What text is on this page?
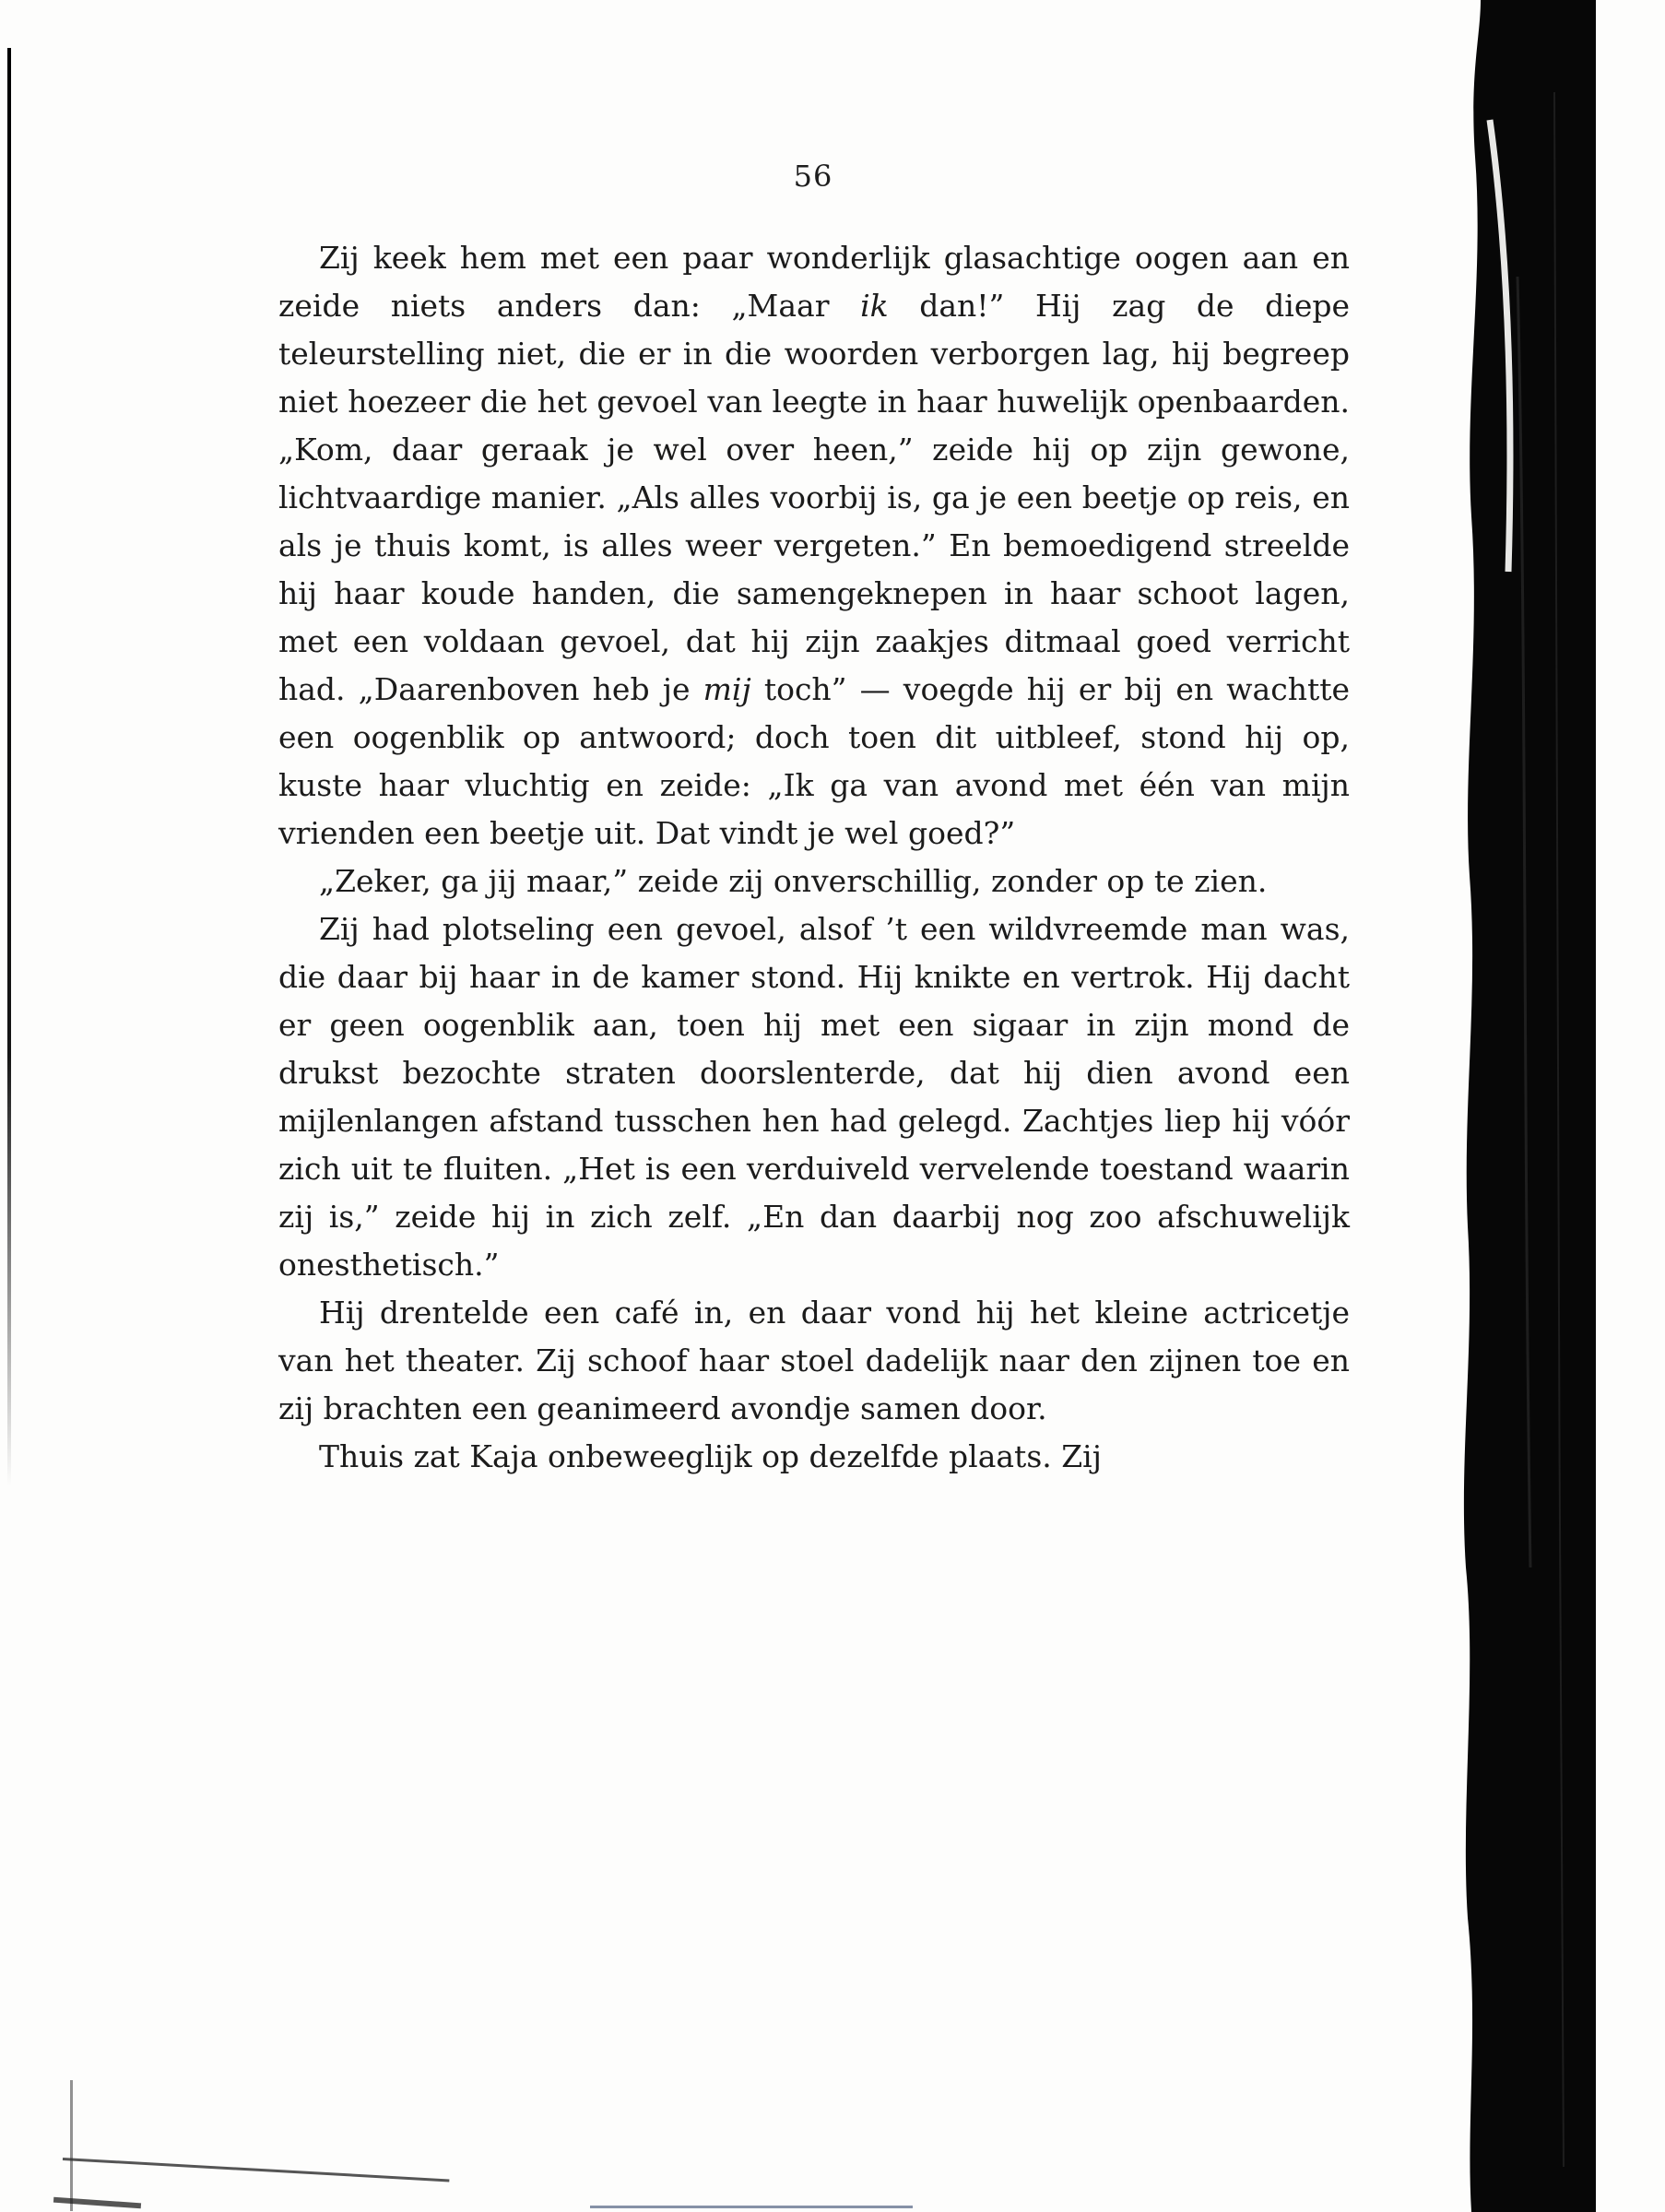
56

Zij keek hem met een paar wonderlijk glasachtige oogen aan en zeide niets anders dan: „Maar ik dan!” Hij zag de diepe teleurstelling niet, die er in die woorden verborgen lag, hij begreep niet hoezeer die het gevoel van leegte in haar huwelijk openbaarden. „Kom, daar geraak je wel over heen,” zeide hij op zijn gewone, lichtvaardige manier. „Als alles voorbij is, ga je een beetje op reis, en als je thuis komt, is alles weer vergeten.” En bemoedigend streelde hij haar koude handen, die samengeknepen in haar schoot lagen, met een voldaan gevoel, dat hij zijn zaakjes ditmaal goed verricht had. „Daarenboven heb je mij toch” — voegde hij er bij en wachtte een oogenblik op antwoord; doch toen dit uitbleef, stond hij op, kuste haar vluchtig en zeide: „Ik ga van avond met één van mijn vrienden een beetje uit. Dat vindt je wel goed?”

„Zeker, ga jij maar,” zeide zij onverschillig, zonder op te zien.

Zij had plotseling een gevoel, alsof ’t een wildvreemde man was, die daar bij haar in de kamer stond. Hij knikte en vertrok. Hij dacht er geen oogenblik aan, toen hij met een sigaar in zijn mond de drukst bezochte straten doorslenterde, dat hij dien avond een mijlenlangen afstand tusschen hen had gelegd. Zachtjes liep hij vóór zich uit te fluiten. „Het is een verduiveld vervelende toestand waarin zij is,” zeide hij in zich zelf. „En dan daarbij nog zoo afschuwelijk onesthetisch.”

Hij drentelde een café in, en daar vond hij het kleine actricetje van het theater. Zij schoof haar stoel dadelijk naar den zijnen toe en zij brachten een geanimeerd avondje samen door.

Thuis zat Kaja onbeweeglijk op dezelfde plaats. Zij
